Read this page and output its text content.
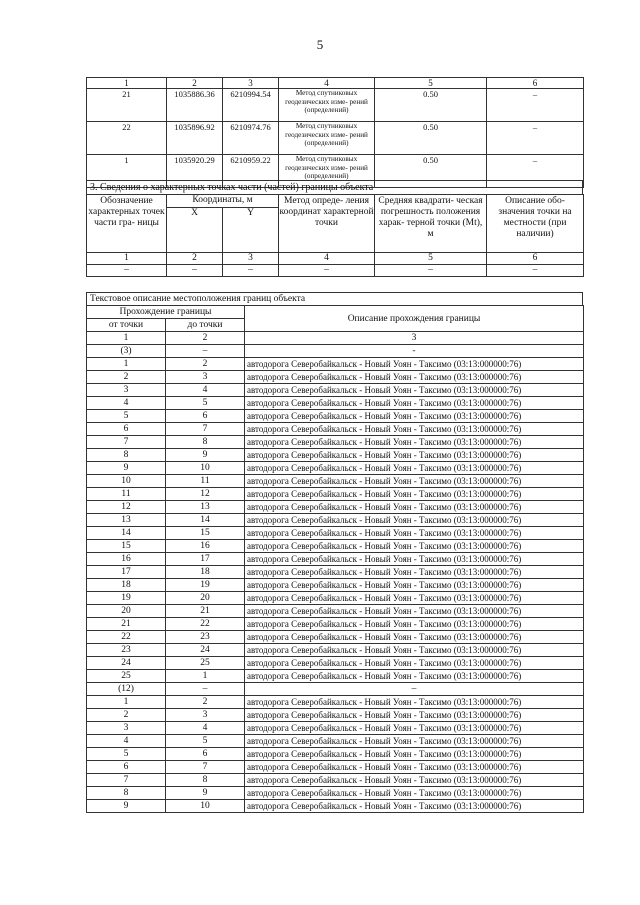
5
1	2	3	4	5	6
21	1035886.36	6210994.54	Метод спутниковых геодезических изме- рений (определений)	0.50	–
22	1035896.92	6210974.76	Метод спутниковых геодезических изме- рений (определений)	0.50	–
1	1035920.29	6210959.22	Метод спутниковых геодезических изме- рений (определений)	0.50	–
3. Сведения о характерных точках части (частей) границы объекта
Обозначение характерных точек части гра- ницы	Координаты, м		Метод опреде- ления координат характерной точки	Средняя квадрати- ческая погрешность положения харак- терной точки (Mt), м	Описание обо- значения точки на местности (при наличии)
	X	Y			
1	2	3	4	5	6
–	–	–	–	–	–
Текстовое описание местоположения границ объекта
Прохождение границы		Описание прохождения границы
от точки	до точки	
1	2	3
(3)	–	-
1	2	автодорога Северобайкальск - Новый Уоян - Таксимо (03:13:000000:76)
2	3	автодорога Северобайкальск - Новый Уоян - Таксимо (03:13:000000:76)
3	4	автодорога Северобайкальск - Новый Уоян - Таксимо (03:13:000000:76)
4	5	автодорога Северобайкальск - Новый Уоян - Таксимо (03:13:000000:76)
5	6	автодорога Северобайкальск - Новый Уоян - Таксимо (03:13:000000:76)
6	7	автодорога Северобайкальск - Новый Уоян - Таксимо (03:13:000000:76)
7	8	автодорога Северобайкальск - Новый Уоян - Таксимо (03:13:000000:76)
8	9	автодорога Северобайкальск - Новый Уоян - Таксимо (03:13:000000:76)
9	10	автодорога Северобайкальск - Новый Уоян - Таксимо (03:13:000000:76)
10	11	автодорога Северобайкальск - Новый Уоян - Таксимо (03:13:000000:76)
11	12	автодорога Северобайкальск - Новый Уоян - Таксимо (03:13:000000:76)
12	13	автодорога Северобайкальск - Новый Уоян - Таксимо (03:13:000000:76)
13	14	автодорога Северобайкальск - Новый Уоян - Таксимо (03:13:000000:76)
14	15	автодорога Северобайкальск - Новый Уоян - Таксимо (03:13:000000:76)
15	16	автодорога Северобайкальск - Новый Уоян - Таксимо (03:13:000000:76)
16	17	автодорога Северобайкальск - Новый Уоян - Таксимо (03:13:000000:76)
17	18	автодорога Северобайкальск - Новый Уоян - Таксимо (03:13:000000:76)
18	19	автодорога Северобайкальск - Новый Уоян - Таксимо (03:13:000000:76)
19	20	автодорога Северобайкальск - Новый Уоян - Таксимо (03:13:000000:76)
20	21	автодорога Северобайкальск - Новый Уоян - Таксимо (03:13:000000:76)
21	22	автодорога Северобайкальск - Новый Уоян - Таксимо (03:13:000000:76)
22	23	автодорога Северобайкальск - Новый Уоян - Таксимо (03:13:000000:76)
23	24	автодорога Северобайкальск - Новый Уоян - Таксимо (03:13:000000:76)
24	25	автодорога Северобайкальск - Новый Уоян - Таксимо (03:13:000000:76)
25	1	автодорога Северобайкальск - Новый Уоян - Таксимо (03:13:000000:76)
(12)	–	–
1	2	автодорога Северобайкальск - Новый Уоян - Таксимо (03:13:000000:76)
2	3	автодорога Северобайкальск - Новый Уоян - Таксимо (03:13:000000:76)
3	4	автодорога Северобайкальск - Новый Уоян - Таксимо (03:13:000000:76)
4	5	автодорога Северобайкальск - Новый Уоян - Таксимо (03:13:000000:76)
5	6	автодорога Северобайкальск - Новый Уоян - Таксимо (03:13:000000:76)
6	7	автодорога Северобайкальск - Новый Уоян - Таксимо (03:13:000000:76)
7	8	автодорога Северобайкальск - Новый Уоян - Таксимо (03:13:000000:76)
8	9	автодорога Северобайкальск - Новый Уоян - Таксимо (03:13:000000:76)
9	10	автодорога Северобайкальск - Новый Уоян - Таксимо (03:13:000000:76)
